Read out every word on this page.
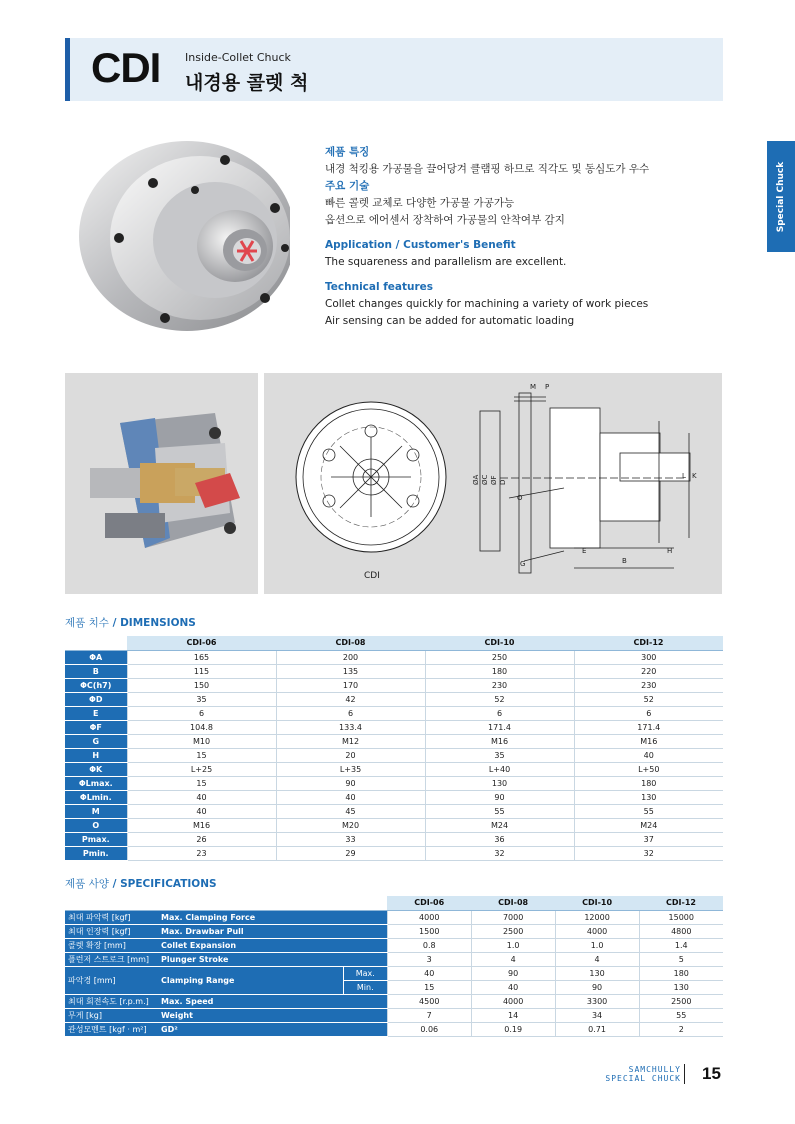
CDI Inside-Collet Chuck
내경용 콜렛 척
Special Chuck
제품 특징
내경 척킹용 가공물을 끌어당겨 클램핑 하므로 직각도 및 동심도가 우수
주요 기술
빠른 콜렛 교체로 다양한 가공물 가공가능
옵션으로 에어센서 장착하여 가공물의 안착여부 감지
Application / Customer's Benefit
The squareness and parallelism are excellent.
Technical features
Collet changes quickly for machining a variety of work pieces
Air sensing can be added for automatic loading
CDI
M P
ØA ØC ØF D
O
E
G	B
H
L K
제품 치수 / DIMENSIONS
	CDI-06	CDI-08	CDI-10	CDI-12
ΦA	165	200	250	300
B	115	135	180	220
ΦC(h7)	150	170	230	230
ΦD	35	42	52	52
E	6	6	6	6
ΦF	104.8	133.4	171.4	171.4
G	M10	M12	M16	M16
H	15	20	35	40
ΦK	L+25	L+35	L+40	L+50
ΦLmax.	15	90	130	180
ΦLmin.	40	40	90	130
M	40	45	55	55
O	M16	M20	M24	M24
Pmax.	26	33	36	37
Pmin.	23	29	32	32
제품 사양 / SPECIFICATIONS
			CDI-06	CDI-08	CDI-10	CDI-12
최대 파악력 [kgf]	Max. Clamping Force		4000	7000	12000	15000
최대 인장력 [kgf]	Max. Drawbar Pull		1500	2500	4000	4800
콜렛 확장 [mm]	Collet Expansion		0.8	1.0	1.0	1.4
플런저 스트로크 [mm]	Plunger Stroke		3	4	4	5
파악경 [mm]	Clamping Range	Max.	40	90	130	180
		Min.	15	40	90	130
최대 회전속도 [r.p.m.]	Max. Speed		4500	4000	3300	2500
무게 [kg]	Weight		7	14	34	55
관성모멘트 [kgf · m²]	GD²		0.06	0.19	0.71	2
SAMCHULLY
SPECIAL CHUCK 15
